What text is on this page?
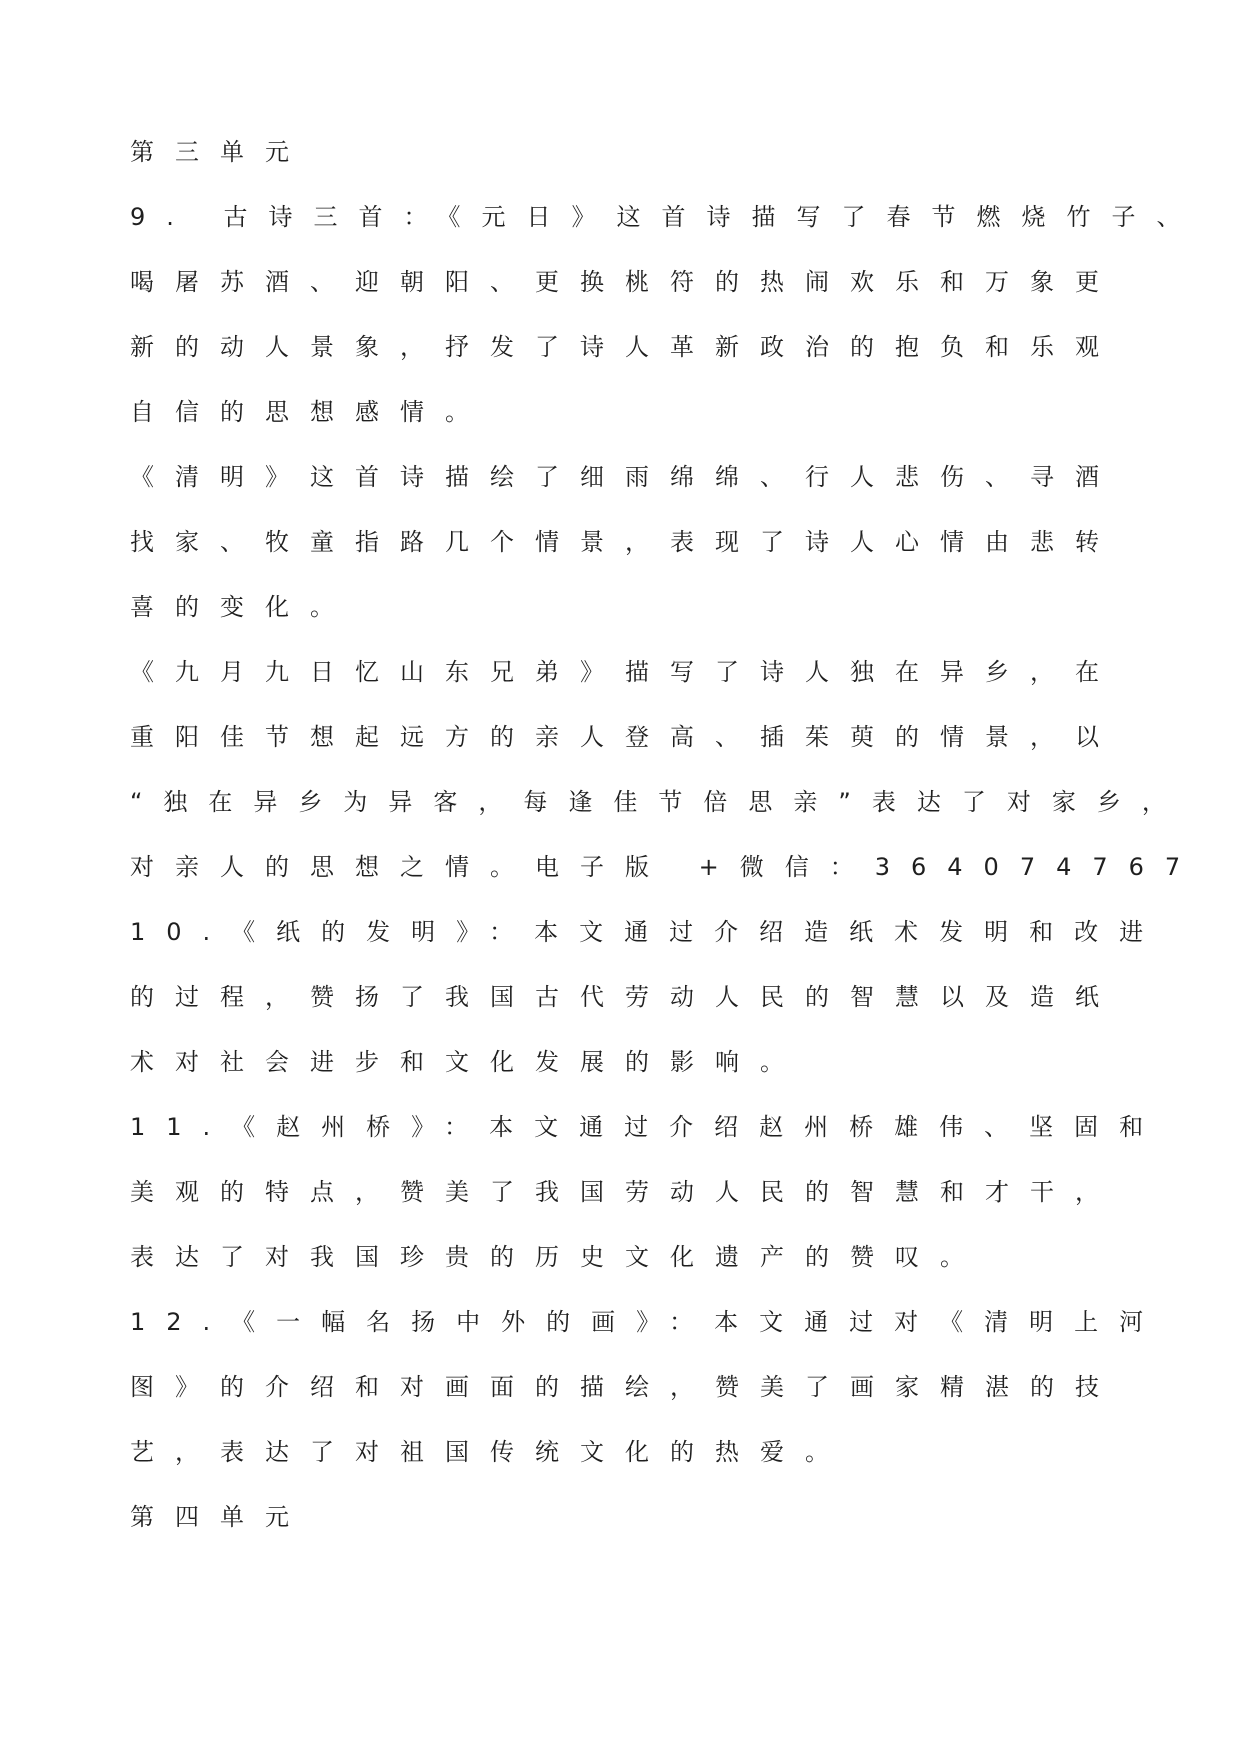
第三单元
9. 古诗三首：《元日》这首诗描写了春节燃烧竹子、
喝屠苏酒、迎朝阳、更换桃符的热闹欢乐和万象更
新的动人景象，抒发了诗人革新政治的抱负和乐观
自信的思想感情。
《清明》这首诗描绘了细雨绵绵、行人悲伤、寻酒
找家、牧童指路几个情景，表现了诗人心情由悲转
喜的变化。
《九月九日忆山东兄弟》描写了诗人独在异乡，在
重阳佳节想起远方的亲人登高、插茱萸的情景，以
“独在异乡为异客，每逢佳节倍思亲”表达了对家乡，
对亲人的思想之情。电子版 +微信：364074767
10.《纸的发明》：本文通过介绍造纸术发明和改进
的过程，赞扬了我国古代劳动人民的智慧以及造纸
术对社会进步和文化发展的影响。
11.《赵州桥》：本文通过介绍赵州桥雄伟、坚固和
美观的特点，赞美了我国劳动人民的智慧和才干，
表达了对我国珍贵的历史文化遗产的赞叹。
12.《一幅名扬中外的画》：本文通过对《清明上河
图》的介绍和对画面的描绘，赞美了画家精湛的技
艺，表达了对祖国传统文化的热爱。
第四单元
